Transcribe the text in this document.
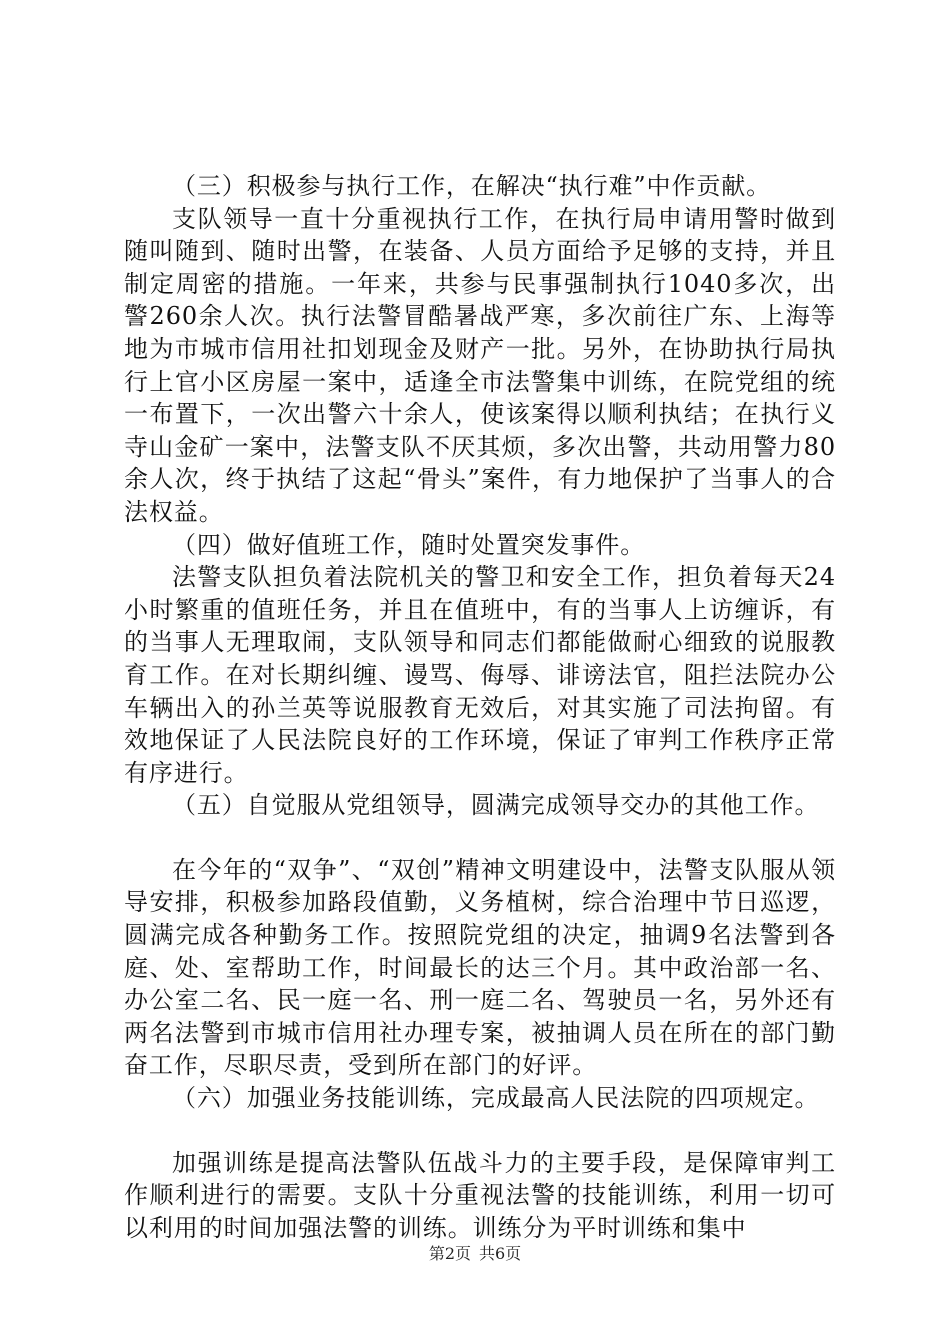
（三）积极参与执行工作，在解决“执行难”中作贡献。

支队领导一直十分重视执行工作，在执行局申请用警时做到随叫随到、随时出警，在装备、人员方面给予足够的支持，并且制定周密的措施。一年来，共参与民事强制执行1040多次，出警260余人次。执行法警冒酷暑战严寒，多次前往广东、上海等地为市城市信用社扣划现金及财产一批。另外，在协助执行局执行上官小区房屋一案中，适逢全市法警集中训练，在院党组的统一布置下，一次出警六十余人，使该案得以顺利执结；在执行义寺山金矿一案中，法警支队不厌其烦，多次出警，共动用警力80余人次，终于执结了这起“骨头”案件，有力地保护了当事人的合法权益。

（四）做好值班工作，随时处置突发事件。

法警支队担负着法院机关的警卫和安全工作，担负着每天24小时繁重的值班任务，并且在值班中，有的当事人上访缠诉，有的当事人无理取闹，支队领导和同志们都能做耐心细致的说服教育工作。在对长期纠缠、谩骂、侮辱、诽谤法官，阻拦法院办公车辆出入的孙兰英等说服教育无效后，对其实施了司法拘留。有效地保证了人民法院良好的工作环境，保证了审判工作秩序正常有序进行。

（五）自觉服从党组领导，圆满完成领导交办的其他工作。

在今年的“双争”、“双创”精神文明建设中，法警支队服从领导安排，积极参加路段值勤，义务植树，综合治理中节日巡逻，圆满完成各种勤务工作。按照院党组的决定，抽调9名法警到各庭、处、室帮助工作，时间最长的达三个月。其中政治部一名、办公室二名、民一庭一名、刑一庭二名、驾驶员一名，另外还有两名法警到市城市信用社办理专案，被抽调人员在所在的部门勤奋工作，尽职尽责，受到所在部门的好评。

（六）加强业务技能训练，完成最高人民法院的四项规定。

加强训练是提高法警队伍战斗力的主要手段，是保障审判工作顺利进行的需要。支队十分重视法警的技能训练，利用一切可以利用的时间加强法警的训练。训练分为平时训练和集中

第2页 共6页
